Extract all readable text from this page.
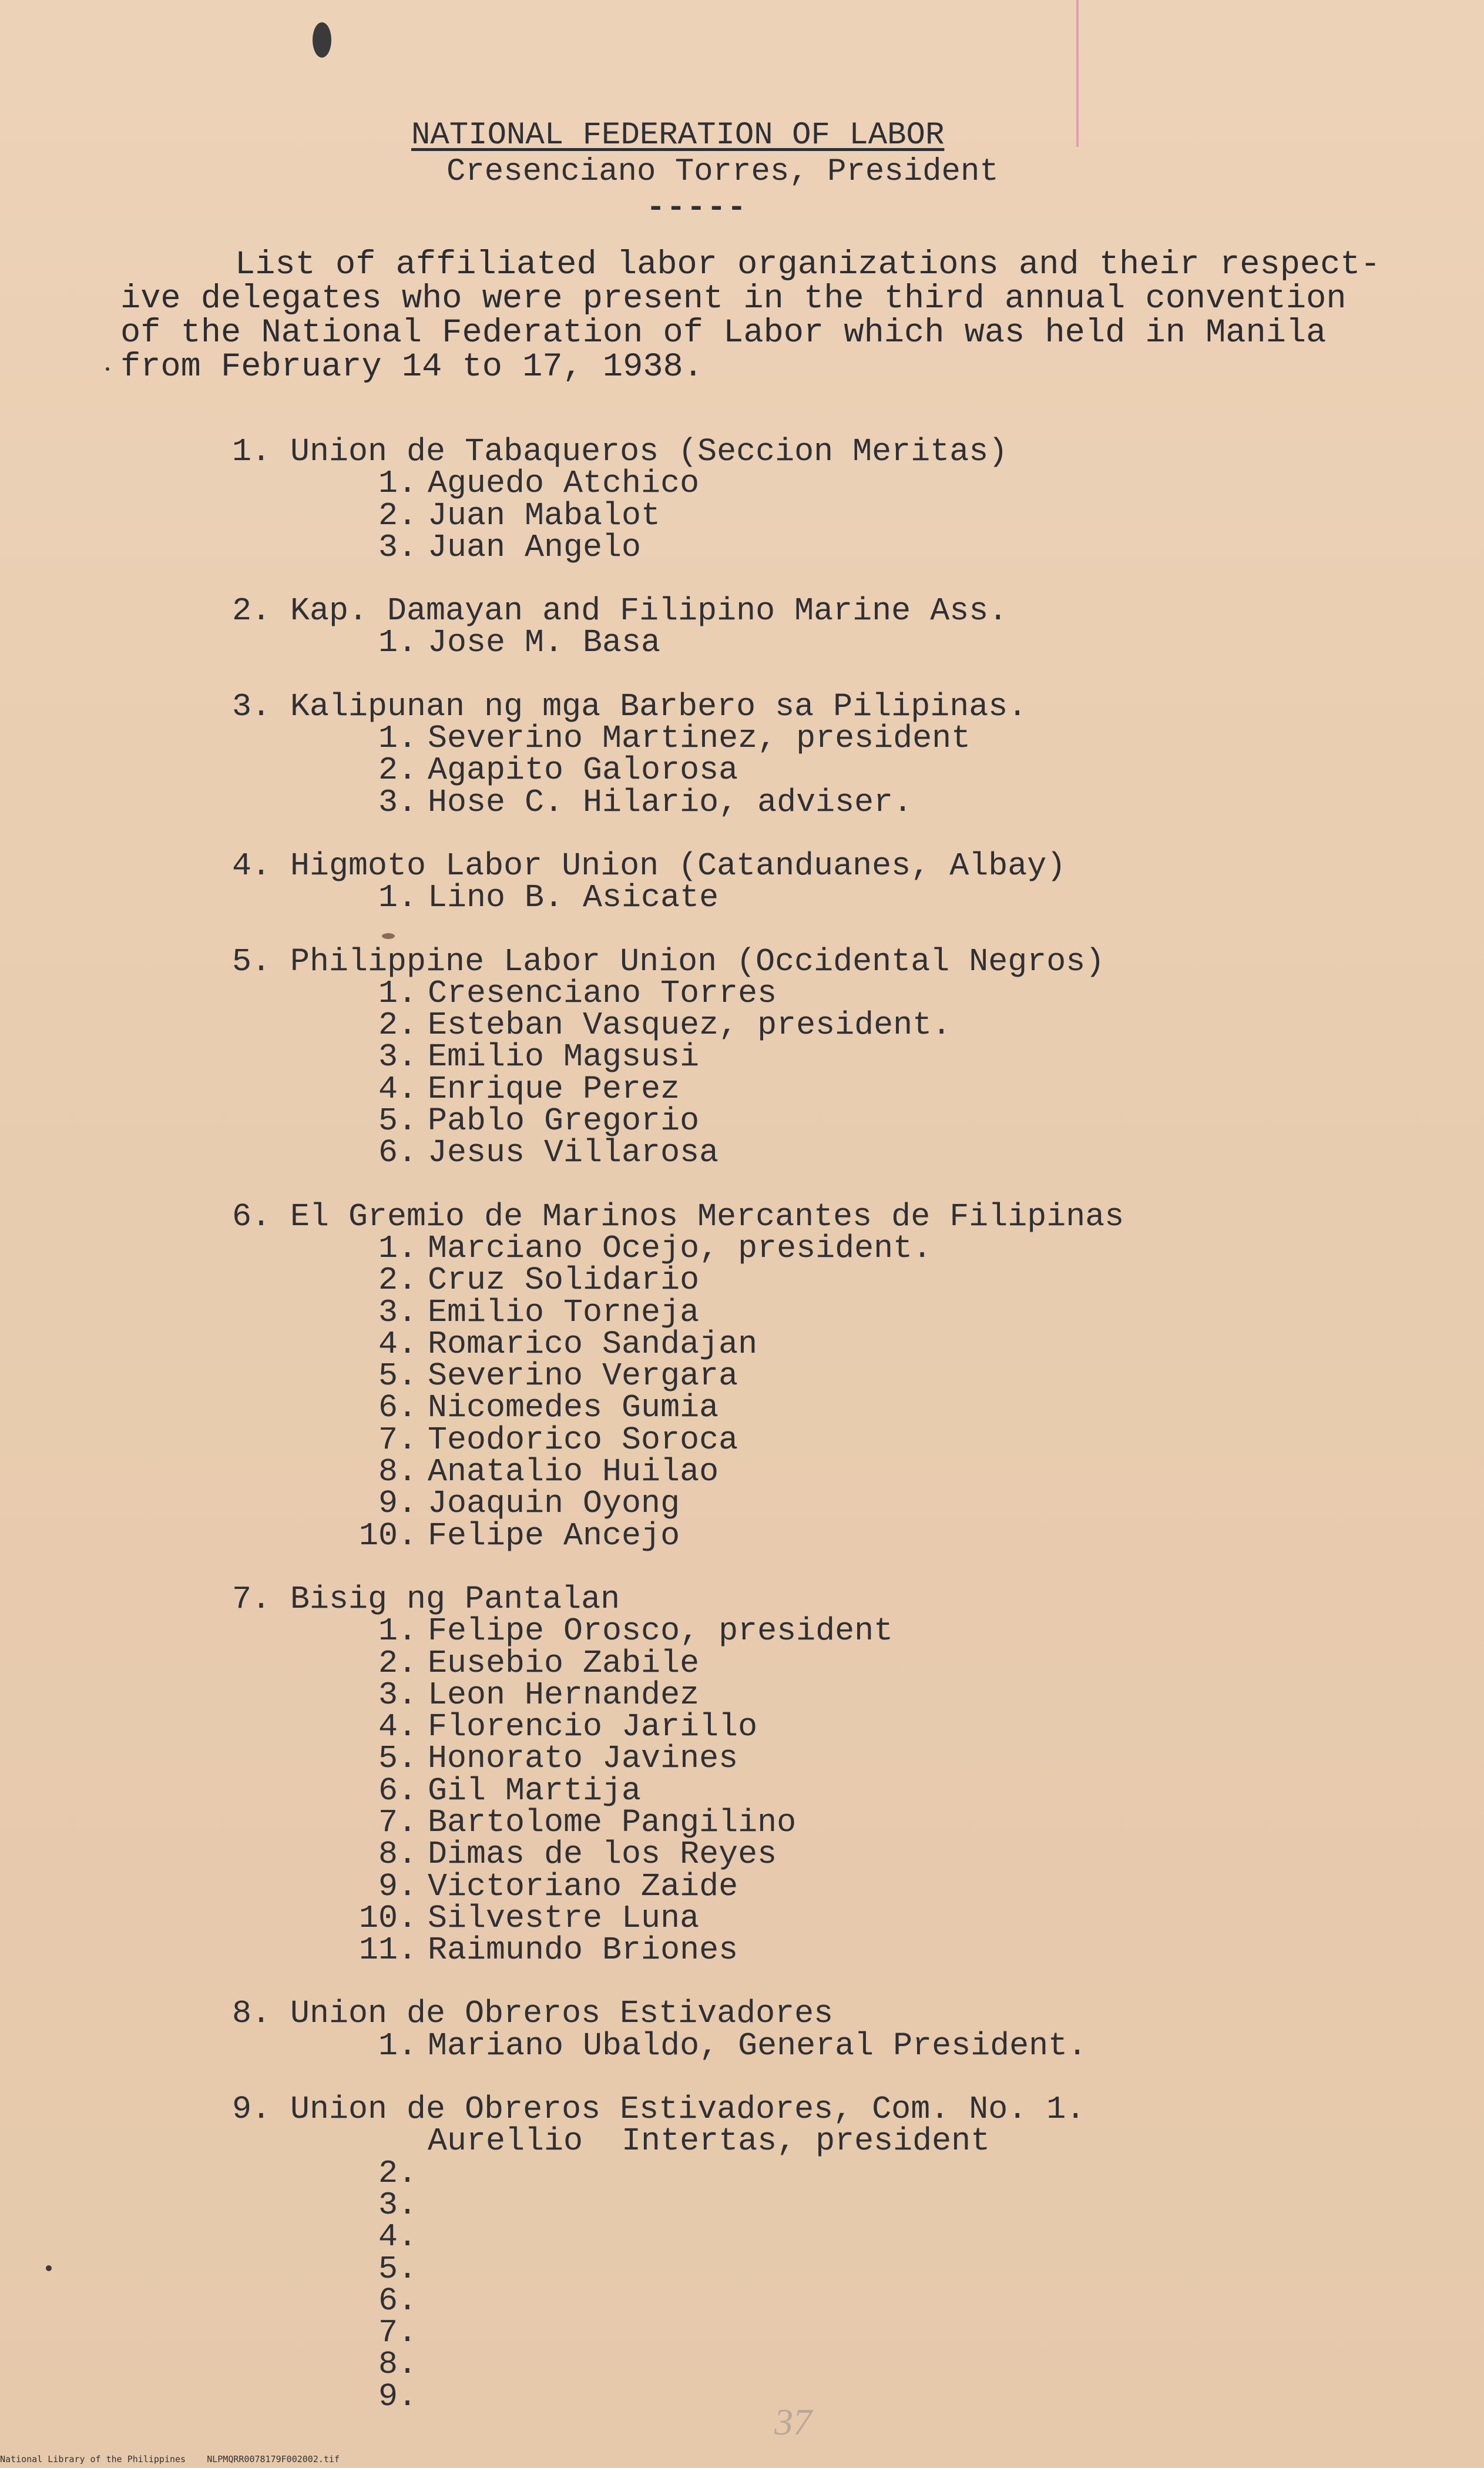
NATIONAL FEDERATION OF LABOR
Cresenciano Torres, President
-----
List of affiliated labor organizations and their respect-
ive delegates who were present in the third annual convention
of the National Federation of Labor which was held in Manila
from February 14 to 17, 1938.
1. Union de Tabaqueros (Seccion Meritas)
1. Aguedo Atchico
2. Juan Mabalot
3. Juan Angelo
2. Kap. Damayan and Filipino Marine Ass.
1. Jose M. Basa
3. Kalipunan ng mga Barbero sa Pilipinas.
1. Severino Martinez, president
2. Agapito Galorosa
3. Hose C. Hilario, adviser.
4. Higmoto Labor Union (Catanduanes, Albay)
1. Lino B. Asicate
5. Philippine Labor Union (Occidental Negros)
1. Cresenciano Torres
2. Esteban Vasquez, president.
3. Emilio Magsusi
4. Enrique Perez
5. Pablo Gregorio
6. Jesus Villarosa
6. El Gremio de Marinos Mercantes de Filipinas
1. Marciano Ocejo, president.
2. Cruz Solidario
3. Emilio Torneja
4. Romarico Sandajan
5. Severino Vergara
6. Nicomedes Gumia
7. Teodorico Soroca
8. Anatalio Huilao
9. Joaquin Oyong
10. Felipe Ancejo
7. Bisig ng Pantalan
1. Felipe Orosco, president
2. Eusebio Zabile
3. Leon Hernandez
4. Florencio Jarillo
5. Honorato Javines
6. Gil Martija
7. Bartolome Pangilino
8. Dimas de los Reyes
9. Victoriano Zaide
10. Silvestre Luna
11. Raimundo Briones
8. Union de Obreros Estivadores
1. Mariano Ubaldo, General President.
9. Union de Obreros Estivadores, Com. No. 1.
Aurellio  Intertas, president
2.
3.
4.
5.
6.
7.
8.
9.
37
National Library of the Philippines    NLPMQRR0078179F002002.tif
